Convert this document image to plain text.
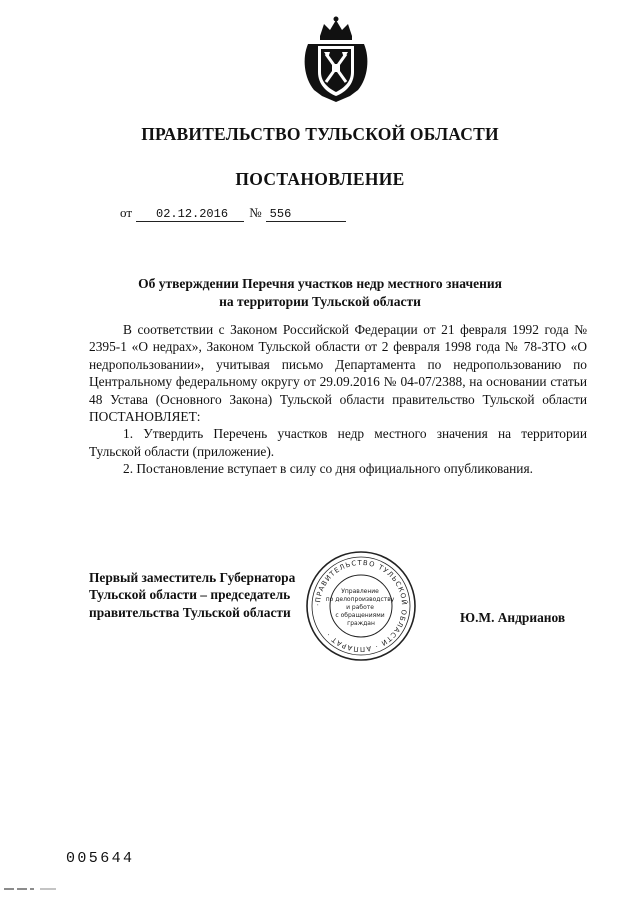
ПРАВИТЕЛЬСТВО ТУЛЬСКОЙ ОБЛАСТИ
ПОСТАНОВЛЕНИЕ
от 02.12.2016 № 556
Об утверждении Перечня участков недр местного значения
на территории Тульской области

В соответствии с Законом Российской Федерации от 21 февраля 1992 года № 2395-1 «О недрах», Законом Тульской области от 2 февраля 1998 года № 78-ЗТО «О недропользовании», учитывая письмо Департамента по недропользованию по Центральному федеральному округу от 29.09.2016 № 04-07/2388, на основании статьи 48 Устава (Основного Закона) Тульской области правительство Тульской области ПОСТАНОВЛЯЕТ:

1. Утвердить Перечень участков недр местного значения на территории Тульской области (приложение).

2. Постановление вступает в силу со дня официального опубликования.

Первый заместитель Губернатора
Тульской области – председатель
правительства Тульской области
·ПРАВИТЕЛЬСТВО ТУЛЬСКОЙ ОБЛАСТИ · АППАРАТ ·
Управление по делопроизводству и работе с обращениями граждан	Ю.М. Андрианов
005644
